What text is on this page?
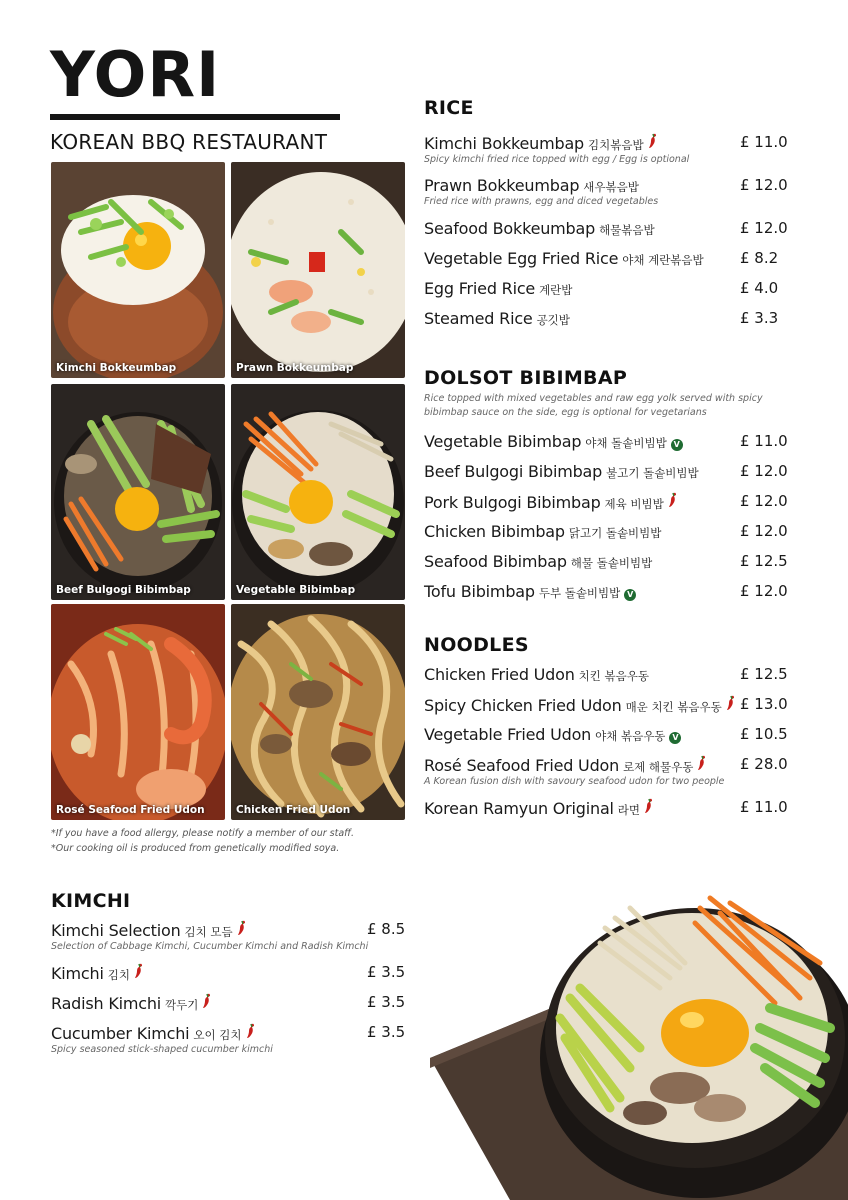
YORI
KOREAN BBQ RESTAURANT
Kimchi Bokkeumbap	Prawn Bokkeumbap
Beef Bulgogi Bibimbap	Vegetable Bibimbap
Rosé Seafood Fried Udon	Chicken Fried Udon
*If you have a food allergy, please notify a member of our staff.
*Our cooking oil is produced from genetically modified soya.
RICE
Kimchi Bokkeumbap 김치볶음밥	£ 11.0
Spicy kimchi fried rice topped with egg / Egg is optional
Prawn Bokkeumbap 새우볶음밥	£ 12.0
Fried rice with prawns, egg and diced vegetables
Seafood Bokkeumbap 해물볶음밥	£ 12.0
Vegetable Egg Fried Rice 야채 계란볶음밥 £ 8.2
Egg Fried Rice 계란밥	£ 4.0
Steamed Rice 공깃밥	£ 3.3
DOLSOT BIBIMBAP
Rice topped with mixed vegetables and raw egg yolk served with spicy bibimbap sauce on the side, egg is optional for vegetarians
Vegetable Bibimbap 야채 돌솥비빔밥 V	£ 11.0
Beef Bulgogi Bibimbap 불고기 돌솥비빔밥	£ 12.0
Pork Bulgogi Bibimbap 제육 비빔밥	£ 12.0
Chicken Bibimbap 닭고기 돌솥비빔밥	£ 12.0
Seafood Bibimbap 해물 돌솥비빔밥	£ 12.5
Tofu Bibimbap 두부 돌솥비빔밥 V	£ 12.0
NOODLES
Chicken Fried Udon 치킨 볶음우동	£ 12.5
Spicy Chicken Fried Udon 매운 치킨 볶음우동 £ 13.0
Vegetable Fried Udon 야채 볶음우동 V	£ 10.5
Rosé Seafood Fried Udon 로제 해물우동	£ 28.0
A Korean fusion dish with savoury seafood udon for two people
Korean Ramyun Original 라면	£ 11.0
KIMCHI
Kimchi Selection 김치 모듬	£ 8.5
Selection of Cabbage Kimchi, Cucumber Kimchi and Radish Kimchi
Kimchi 김치	£ 3.5
Radish Kimchi 깍두기	£ 3.5
Cucumber Kimchi 오이 김치	£ 3.5
Spicy seasoned stick-shaped cucumber kimchi
